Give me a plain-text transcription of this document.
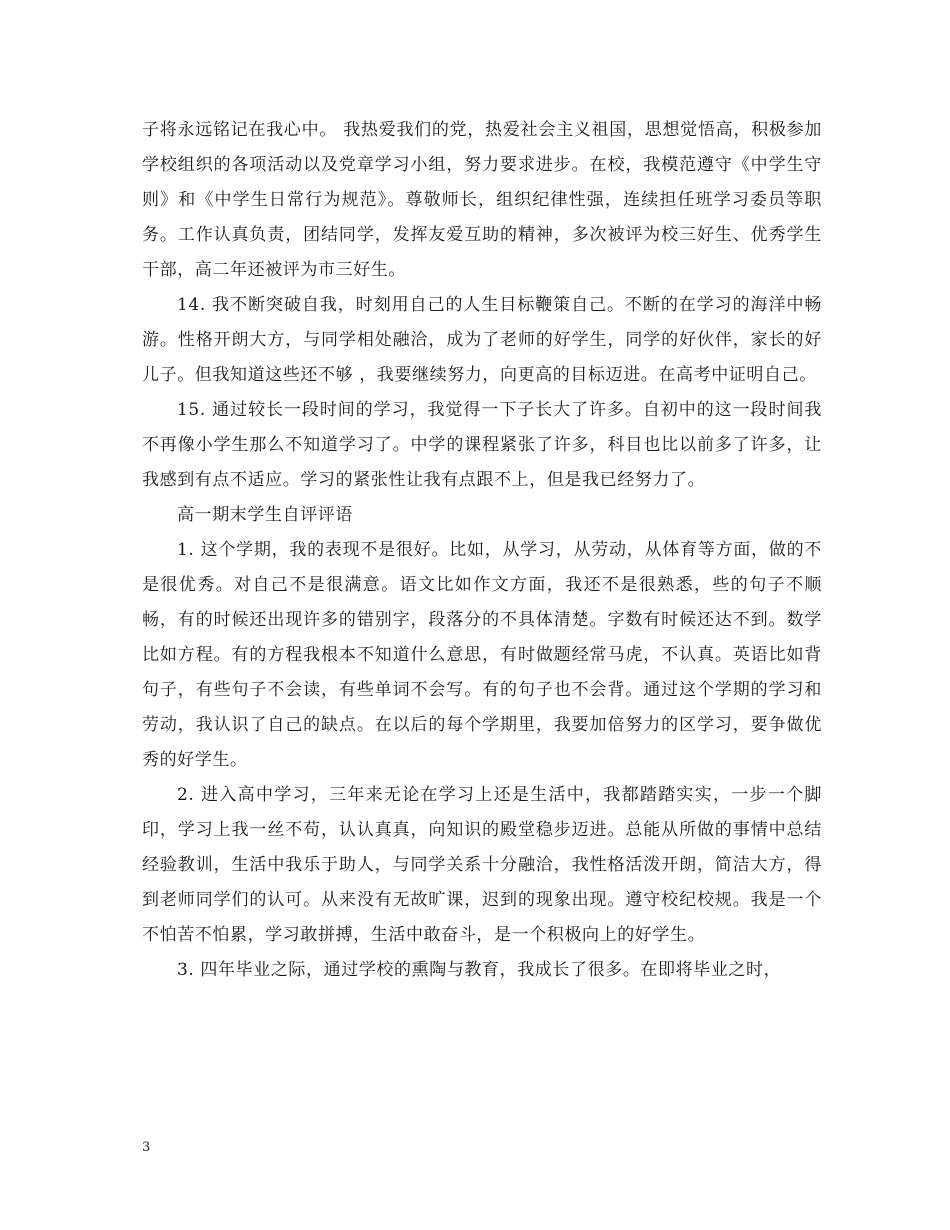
子将永远铭记在我心中。 我热爱我们的党，热爱社会主义祖国，思想觉悟高，积极参加学校组织的各项活动以及党章学习小组，努力要求进步。在校，我模范遵守《中学生守则》和《中学生日常行为规范》。尊敬师长，组织纪律性强，连续担任班学习委员等职务。工作认真负责，团结同学，发挥友爱互助的精神，多次被评为校三好生、优秀学生干部，高二年还被评为市三好生。

14. 我不断突破自我，时刻用自己的人生目标鞭策自己。不断的在学习的海洋中畅游。性格开朗大方，与同学相处融洽，成为了老师的好学生，同学的好伙伴，家长的好儿子。但我知道这些还不够 ，我要继续努力，向更高的目标迈进。在高考中证明自己。

15. 通过较长一段时间的学习，我觉得一下子长大了许多。自初中的这一段时间我不再像小学生那么不知道学习了。中学的课程紧张了许多，科目也比以前多了许多，让我感到有点不适应。学习的紧张性让我有点跟不上，但是我已经努力了。

高一期末学生自评评语

1. 这个学期，我的表现不是很好。比如，从学习，从劳动，从体育等方面，做的不是很优秀。对自己不是很满意。语文比如作文方面，我还不是很熟悉，些的句子不顺畅，有的时候还出现许多的错别字，段落分的不具体清楚。字数有时候还达不到。数学比如方程。有的方程我根本不知道什么意思，有时做题经常马虎，不认真。英语比如背句子，有些句子不会读，有些单词不会写。有的句子也不会背。通过这个学期的学习和劳动，我认识了自己的缺点。在以后的每个学期里，我要加倍努力的区学习，要争做优秀的好学生。

2. 进入高中学习，三年来无论在学习上还是生活中，我都踏踏实实，一步一个脚印，学习上我一丝不苟，认认真真，向知识的殿堂稳步迈进。总能从所做的事情中总结经验教训，生活中我乐于助人，与同学关系十分融洽，我性格活泼开朗，简洁大方，得到老师同学们的认可。从来没有无故旷课，迟到的现象出现。遵守校纪校规。我是一个不怕苦不怕累，学习敢拼搏，生活中敢奋斗，是一个积极向上的好学生。

3. 四年毕业之际，通过学校的熏陶与教育，我成长了很多。在即将毕业之时，

3
